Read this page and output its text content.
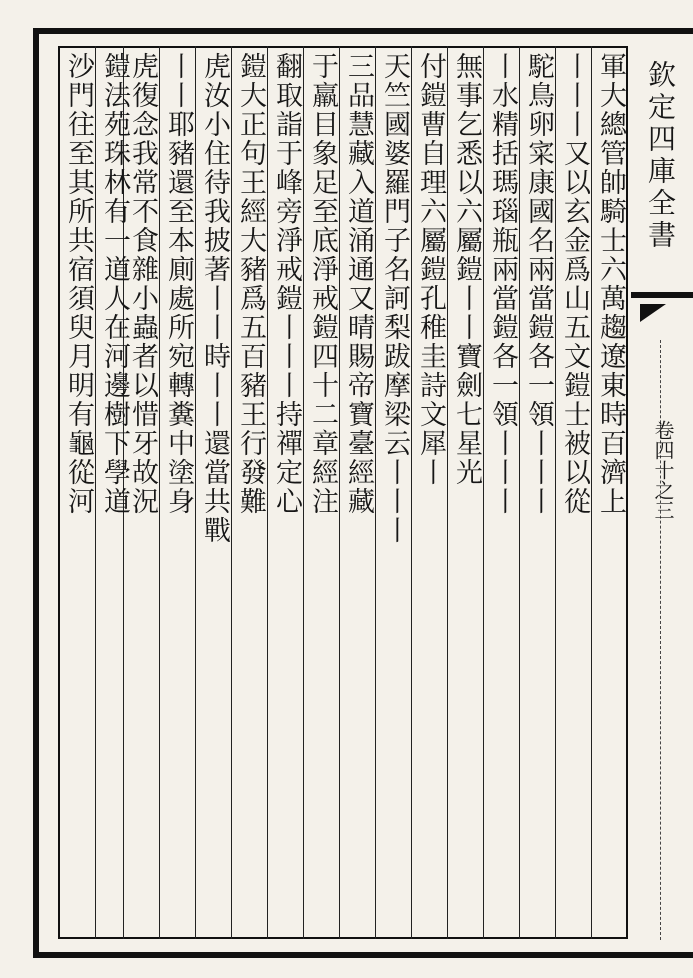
欽定四庫全書
卷四十之三
軍大總管帥騎士六萬趨遼東時百濟上
丨丨丨又以玄金爲山五文鎧士被以從
駝鳥卵寀康國名兩當鎧各一領丨丨丨
丨水精括瑪瑙瓶兩當鎧各一領丨丨丨
無事乞悉以六屬鎧丨丨寶劍七星光
付鎧曹自理六屬鎧孔稚圭詩文犀丨
天竺國婆羅門子名訶梨跋摩梁云丨丨丨
三品慧藏入道涌通又晴賜帝寶臺經藏
于羸目象足至底淨戒鎧四十二章經注
翻取詣于峰旁淨戒鎧丨丨丨持禪定心
鎧大正句王經大豬爲五百豬王行發難
虎汝小住待我披著丨丨時丨丨還當共戰
丨丨耶豬還至本廁處所宛轉糞中塗身
虎復念我常不食雜小蟲者以惜牙故況
鎧法苑珠林有一道人在河邊樹下學道
沙門往至其所共宿須臾月明有龜從河
